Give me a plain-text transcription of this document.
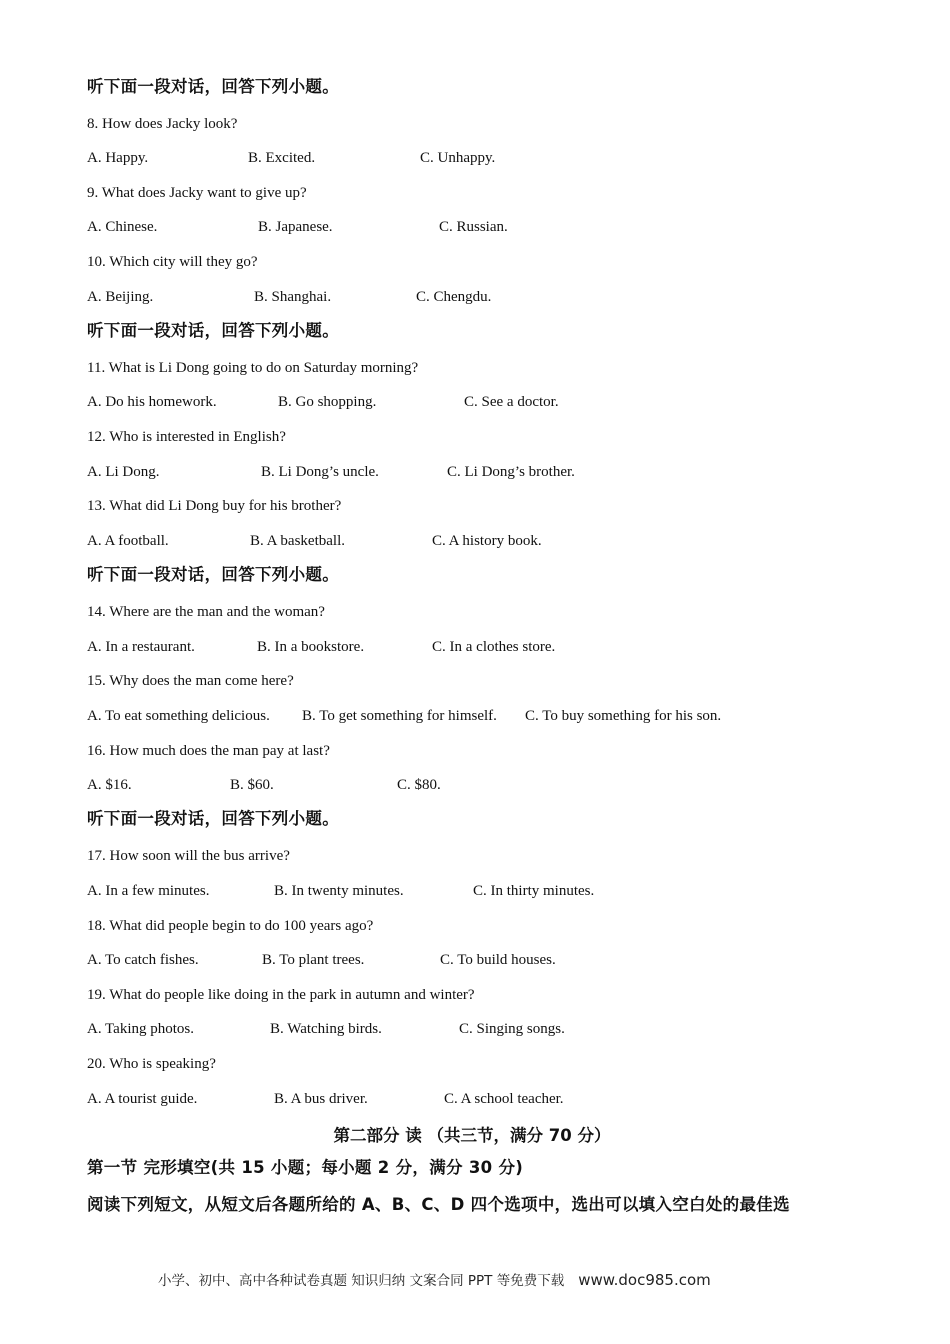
听下面一段对话，回答下列小题。
8. How does Jacky look?
A. Happy.	B. Excited.	C. Unhappy.
9. What does Jacky want to give up?
A. Chinese.	B. Japanese.	C. Russian.
10. Which city will they go?
A. Beijing.	B. Shanghai.	C. Chengdu.
听下面一段对话，回答下列小题。
11. What is Li Dong going to do on Saturday morning?
A. Do his homework.	B. Go shopping.	C. See a doctor.
12. Who is interested in English?
A. Li Dong.	B. Li Dong’s uncle.	C. Li Dong’s brother.
13. What did Li Dong buy for his brother?
A. A football.	B. A basketball.	C. A history book.
听下面一段对话，回答下列小题。
14. Where are the man and the woman?
A. In a restaurant.	B. In a bookstore.	C. In a clothes store.
15. Why does the man come here?
A. To eat something delicious. B. To get something for himself. C. To buy something for his son.
16. How much does the man pay at last?
A. $16.	B. $60.	C. $80.
听下面一段对话，回答下列小题。
17. How soon will the bus arrive?
A. In a few minutes.	B. In twenty minutes.	C. In thirty minutes.
18. What did people begin to do 100 years ago?
A. To catch fishes.	B. To plant trees.	C. To build houses.
19. What do people like doing in the park in autumn and winter?
A. Taking photos.	B. Watching birds.	C. Singing songs.
20. Who is speaking?
A. A tourist guide.	B. A bus driver.	C. A school teacher.
第二部分 读 （共三节，满分 70 分）
第一节 完形填空(共 15 小题；每小题 2 分，满分 30 分)
阅读下列短文，从短文后各题所给的 A、B、C、D 四个选项中，选出可以填入空白处的最佳选
小学、初中、高中各种试卷真题 知识归纳 文案合同 PPT 等免费下载 www.doc985.com
